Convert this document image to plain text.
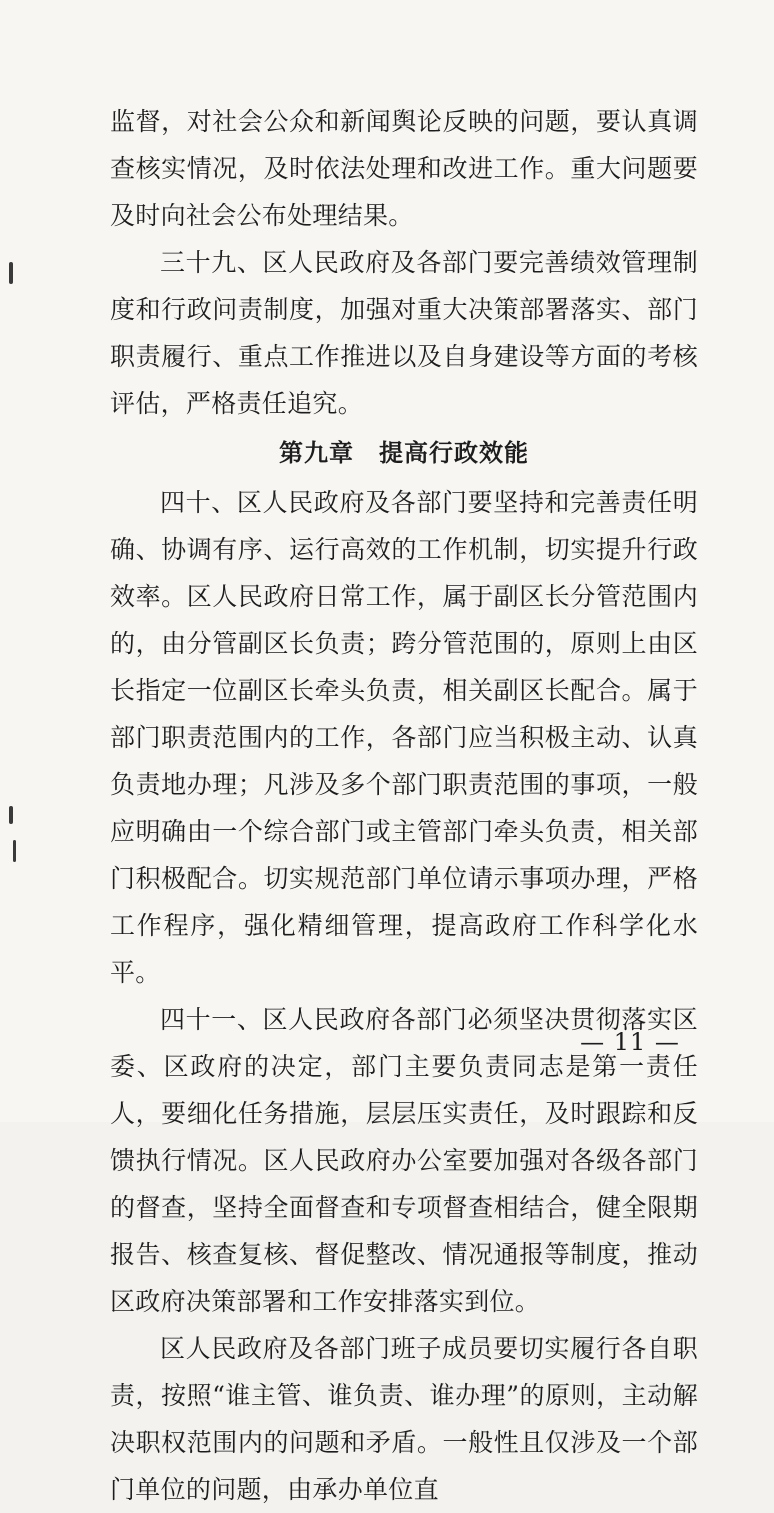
监督，对社会公众和新闻舆论反映的问题，要认真调查核实情况，及时依法处理和改进工作。重大问题要及时向社会公布处理结果。

三十九、区人民政府及各部门要完善绩效管理制度和行政问责制度，加强对重大决策部署落实、部门职责履行、重点工作推进以及自身建设等方面的考核评估，严格责任追究。

第九章　提高行政效能

四十、区人民政府及各部门要坚持和完善责任明确、协调有序、运行高效的工作机制，切实提升行政效率。区人民政府日常工作，属于副区长分管范围内的，由分管副区长负责；跨分管范围的，原则上由区长指定一位副区长牵头负责，相关副区长配合。属于部门职责范围内的工作，各部门应当积极主动、认真负责地办理；凡涉及多个部门职责范围的事项，一般应明确由一个综合部门或主管部门牵头负责，相关部门积极配合。切实规范部门单位请示事项办理，严格工作程序，强化精细管理，提高政府工作科学化水平。

四十一、区人民政府各部门必须坚决贯彻落实区委、区政府的决定，部门主要负责同志是第一责任人，要细化任务措施，层层压实责任，及时跟踪和反馈执行情况。区人民政府办公室要加强对各级各部门的督查，坚持全面督查和专项督查相结合，健全限期报告、核查复核、督促整改、情况通报等制度，推动区政府决策部署和工作安排落实到位。

区人民政府及各部门班子成员要切实履行各自职责，按照“谁主管、谁负责、谁办理”的原则，主动解决职权范围内的问题和矛盾。一般性且仅涉及一个部门单位的问题，由承办单位直

— 11 —
